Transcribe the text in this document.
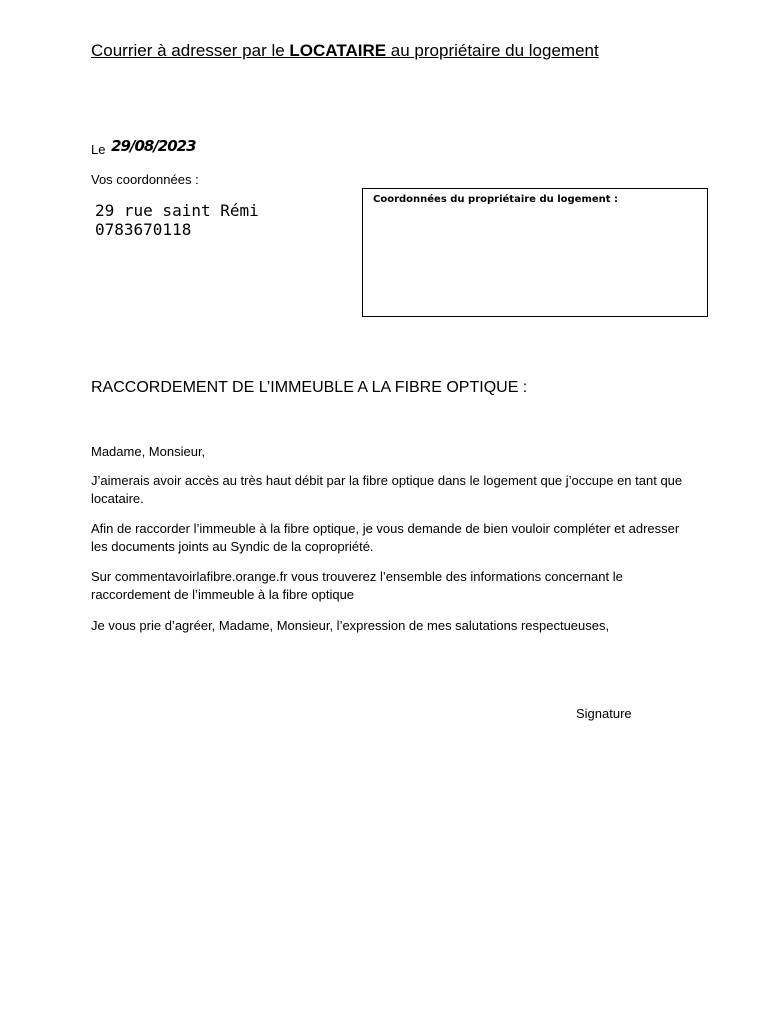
Courrier à adresser par le LOCATAIRE au propriétaire du logement
Le 29/08/2023
Vos coordonnées :
29 rue saint Rémi
0783670118
Coordonnées du propriétaire du logement :
RACCORDEMENT DE L’IMMEUBLE A LA FIBRE OPTIQUE :
Madame, Monsieur,
J’aimerais avoir accès au très haut débit par la fibre optique dans le logement que j’occupe en tant que locataire.
Afin de raccorder l’immeuble à la fibre optique, je vous demande de bien vouloir compléter et adresser les documents joints au Syndic de la copropriété.
Sur commentavoirlafibre.orange.fr vous trouverez l’ensemble des informations concernant le raccordement de l’immeuble à la fibre optique
Je vous prie d’agréer, Madame, Monsieur, l’expression de mes salutations respectueuses,
Signature
